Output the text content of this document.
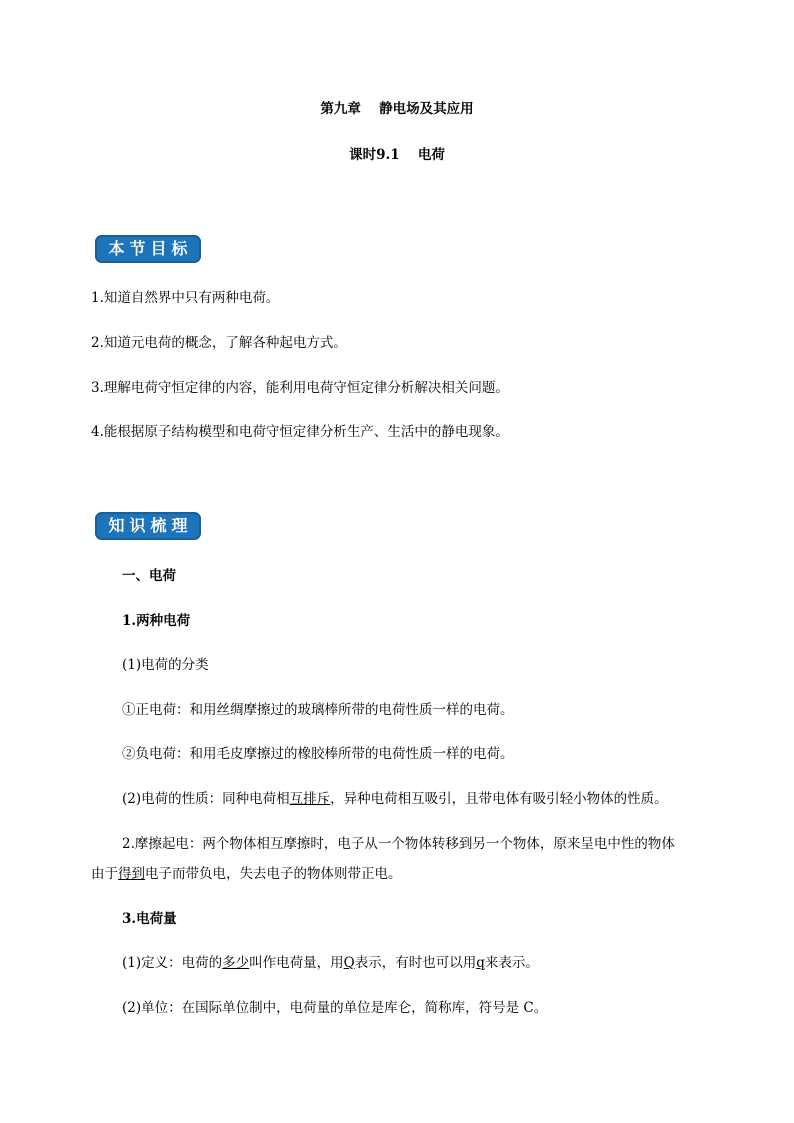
第九章　 静电场及其应用
课时9.1　 电荷
本节目标
1.知道自然界中只有两种电荷。
2.知道元电荷的概念，了解各种起电方式。
3.理解电荷守恒定律的内容，能利用电荷守恒定律分析解决相关问题。
4.能根据原子结构模型和电荷守恒定律分析生产、生活中的静电现象。
知识梳理
一、电荷
1.两种电荷
(1)电荷的分类
①正电荷：和用丝绸摩擦过的玻璃棒所带的电荷性质一样的电荷。
②负电荷：和用毛皮摩擦过的橡胶棒所带的电荷性质一样的电荷。
(2)电荷的性质：同种电荷相互排斥，异种电荷相互吸引，且带电体有吸引轻小物体的性质。
2.摩擦起电：两个物体相互摩擦时，电子从一个物体转移到另一个物体，原来呈电中性的物体
由于得到电子而带负电，失去电子的物体则带正电。
3.电荷量
(1)定义：电荷的多少叫作电荷量，用Q表示，有时也可以用q来表示。
(2)单位：在国际单位制中，电荷量的单位是库仑，简称库，符号是 C。
